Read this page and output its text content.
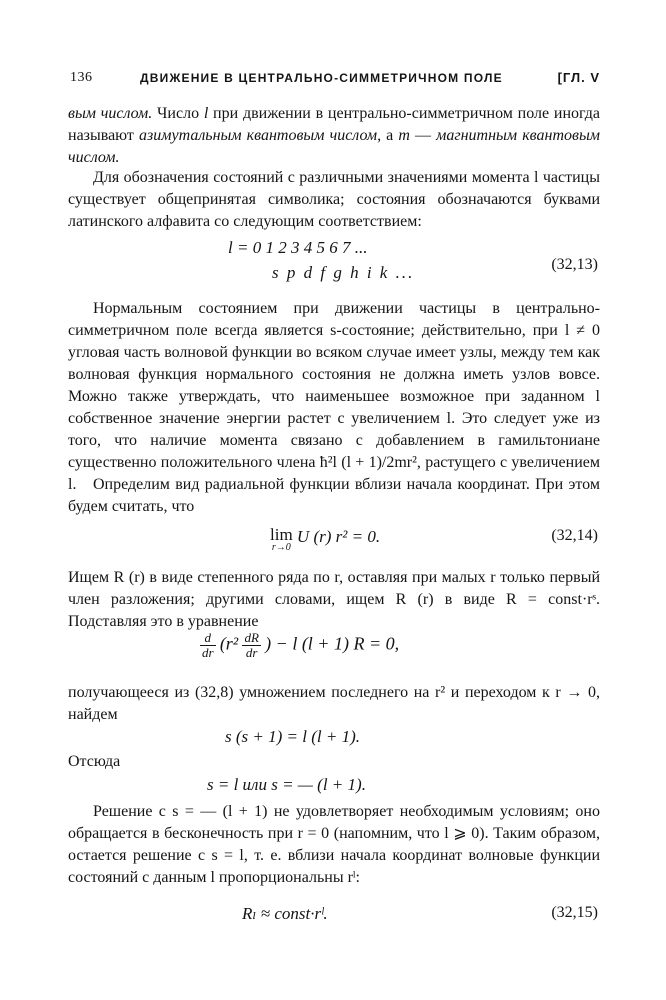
136	ДВИЖЕНИЕ В ЦЕНТРАЛЬНО-СИММЕТРИЧНОМ ПОЛЕ	[ГЛ. V
вым числом. Число l при движении в центрально-симметричном поле иногда называют азимутальным квантовым числом, а m — магнитным квантовым числом.
Для обозначения состояний с различными значениями момента l частицы существует общепринятая символика; состояния обозначаются буквами латинского алфавита со следующим соответствием:
l = 0 1 2 3 4 5 6 7 ...
s p d f g h i k ...	(32,13)
Нормальным состоянием при движении частицы в центрально-симметричном поле всегда является s-состояние; действительно, при l ≠ 0 угловая часть волновой функции во всяком случае имеет узлы, между тем как волновая функция нормального состояния не должна иметь узлов вовсе. Можно также утверждать, что наименьшее возможное при заданном l собственное значение энергии растет с увеличением l. Это следует уже из того, что наличие момента связано с добавлением в гамильтониане существенно положительного члена ħ²l (l + 1)/2mr², растущего с увеличением l.	Определим вид радиальной функции вблизи начала координат. При этом будем считать, что
lim
r→0
U (r) r² = 0.	(32,14)
Ищем R (r) в виде степенного ряда по r, оставляя при малых r только первый член разложения; другими словами, ищем R (r) в виде R = const·rˢ. Подставляя это в уравнение
$\frac{d}{dr} (r^2 \frac{dR}{dr}$ ) − l (l + 1) R = 0,
получающееся из (32,8) умножением последнего на r² и переходом к r → 0, найдем
s (s + 1) = l (l + 1).
Отсюда
s = l или s = — (l + 1).
Решение с s = — (l + 1) не удовлетворяет необходимым условиям; оно обращается в бесконечность при r = 0 (напомним, что l ⩾ 0). Таким образом, остается решение с s = l, т. е. вблизи начала координат волновые функции состояний с данным l пропорциональны rˡ:
Rₗ ≈ const·rˡ.	(32,15)
